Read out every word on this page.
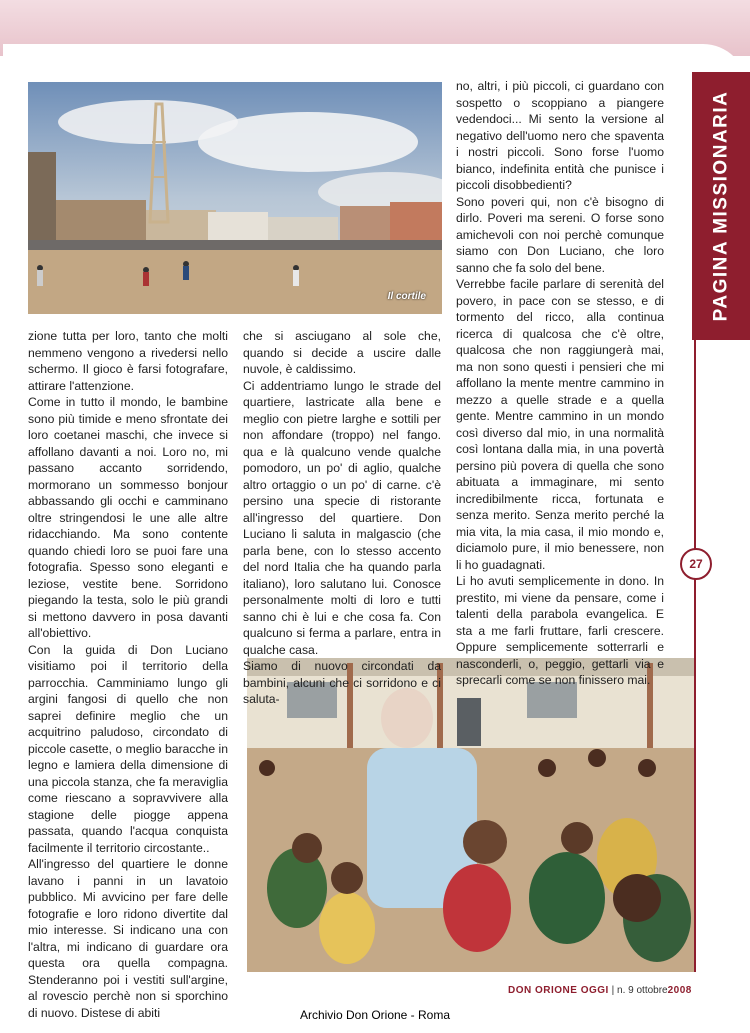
PAGINA MISSIONARIA
27
Il cortile

zione tutta per loro, tanto che molti nemmeno vengono a rivedersi nello schermo. Il gioco è farsi fotografare, attirare l'attenzione.

Come in tutto il mondo, le bambine sono più timide e meno sfrontate dei loro coetanei maschi, che invece si affollano davanti a noi. Loro no, mi passano accanto sorridendo, mormorano un sommesso bonjour abbassando gli occhi e camminano oltre stringendosi le une alle altre ridacchiando. Ma sono contente quando chiedi loro se puoi fare una fotografia. Spesso sono eleganti e leziose, vestite bene. Sorridono piegando la testa, solo le più grandi si mettono davvero in posa davanti all'obiettivo.

Con la guida di Don Luciano visitiamo poi il territorio della parrocchia. Camminiamo lungo gli argini fangosi di quello che non saprei definire meglio che un acquitrino paludoso, circondato di piccole casette, o meglio baracche in legno e lamiera della dimensione di una piccola stanza, che fa meraviglia come riescano a sopravvivere alla stagione delle piogge appena passata, quando l'acqua conquista facilmente il territorio circostante..

All'ingresso del quartiere le donne lavano i panni in un lavatoio pubblico. Mi avvicino per fare delle fotografie e loro ridono divertite dal mio interesse. Si indicano una con l'altra, mi indicano di guardare ora questa ora quella compagna. Stenderanno poi i vestiti sull'argine, al rovescio perchè non si sporchino di nuovo. Distese di abiti

che si asciugano al sole che, quando si decide a uscire dalle nuvole, è caldissimo.

Ci addentriamo lungo le strade del quartiere, lastricate alla bene e meglio con pietre larghe e sottili per non affondare (troppo) nel fango. qua e là qualcuno vende qualche pomodoro, un po' di aglio, qualche altro ortaggio o un po' di carne. c'è persino una specie di ristorante all'ingresso del quartiere. Don Luciano li saluta in malgascio (che parla bene, con lo stesso accento del nord Italia che ha quando parla italiano), loro salutano lui. Conosce personalmente molti di loro e tutti sanno chi è lui e che cosa fa. Con qualcuno si ferma a parlare, entra in qualche casa.

Siamo di nuovo circondati da bambini, alcuni che ci sorridono e ci saluta-

no, altri, i più piccoli, ci guardano con sospetto o scoppiano a piangere vedendoci... Mi sento la versione al negativo dell'uomo nero che spaventa i nostri piccoli. Sono forse l'uomo bianco, indefinita entità che punisce i piccoli disobbedienti?

Sono poveri qui, non c'è bisogno di dirlo. Poveri ma sereni. O forse sono amichevoli con noi perchè comunque siamo con Don Luciano, che loro sanno che fa solo del bene.

Verrebbe facile parlare di serenità del povero, in pace con se stesso, e di tormento del ricco, alla continua ricerca di qualcosa che c'è oltre, qualcosa che non raggiungerà mai, ma non sono questi i pensieri che mi affollano la mente mentre cammino in mezzo a quelle strade e a quella gente. Mentre cammino in un mondo così diverso dal mio, in una normalità così lontana dalla mia, in una povertà persino più povera di quella che sono abituata a immaginare, mi sento incredibilmente ricca, fortunata e senza merito. Senza merito perché la mia vita, la mia casa, il mio mondo e, diciamolo pure, il mio benessere, non li ho guadagnati.

Li ho avuti semplicemente in dono. In prestito, mi viene da pensare, come i talenti della parabola evangelica. E sta a me farli fruttare, farli crescere. Oppure semplicemente sotterrarli e nasconderli, o, peggio, gettarli via e sprecarli come se non finissero mai.

DON ORIONE OGGI | n. 9 ottobre2008
Archivio Don Orione - Roma
